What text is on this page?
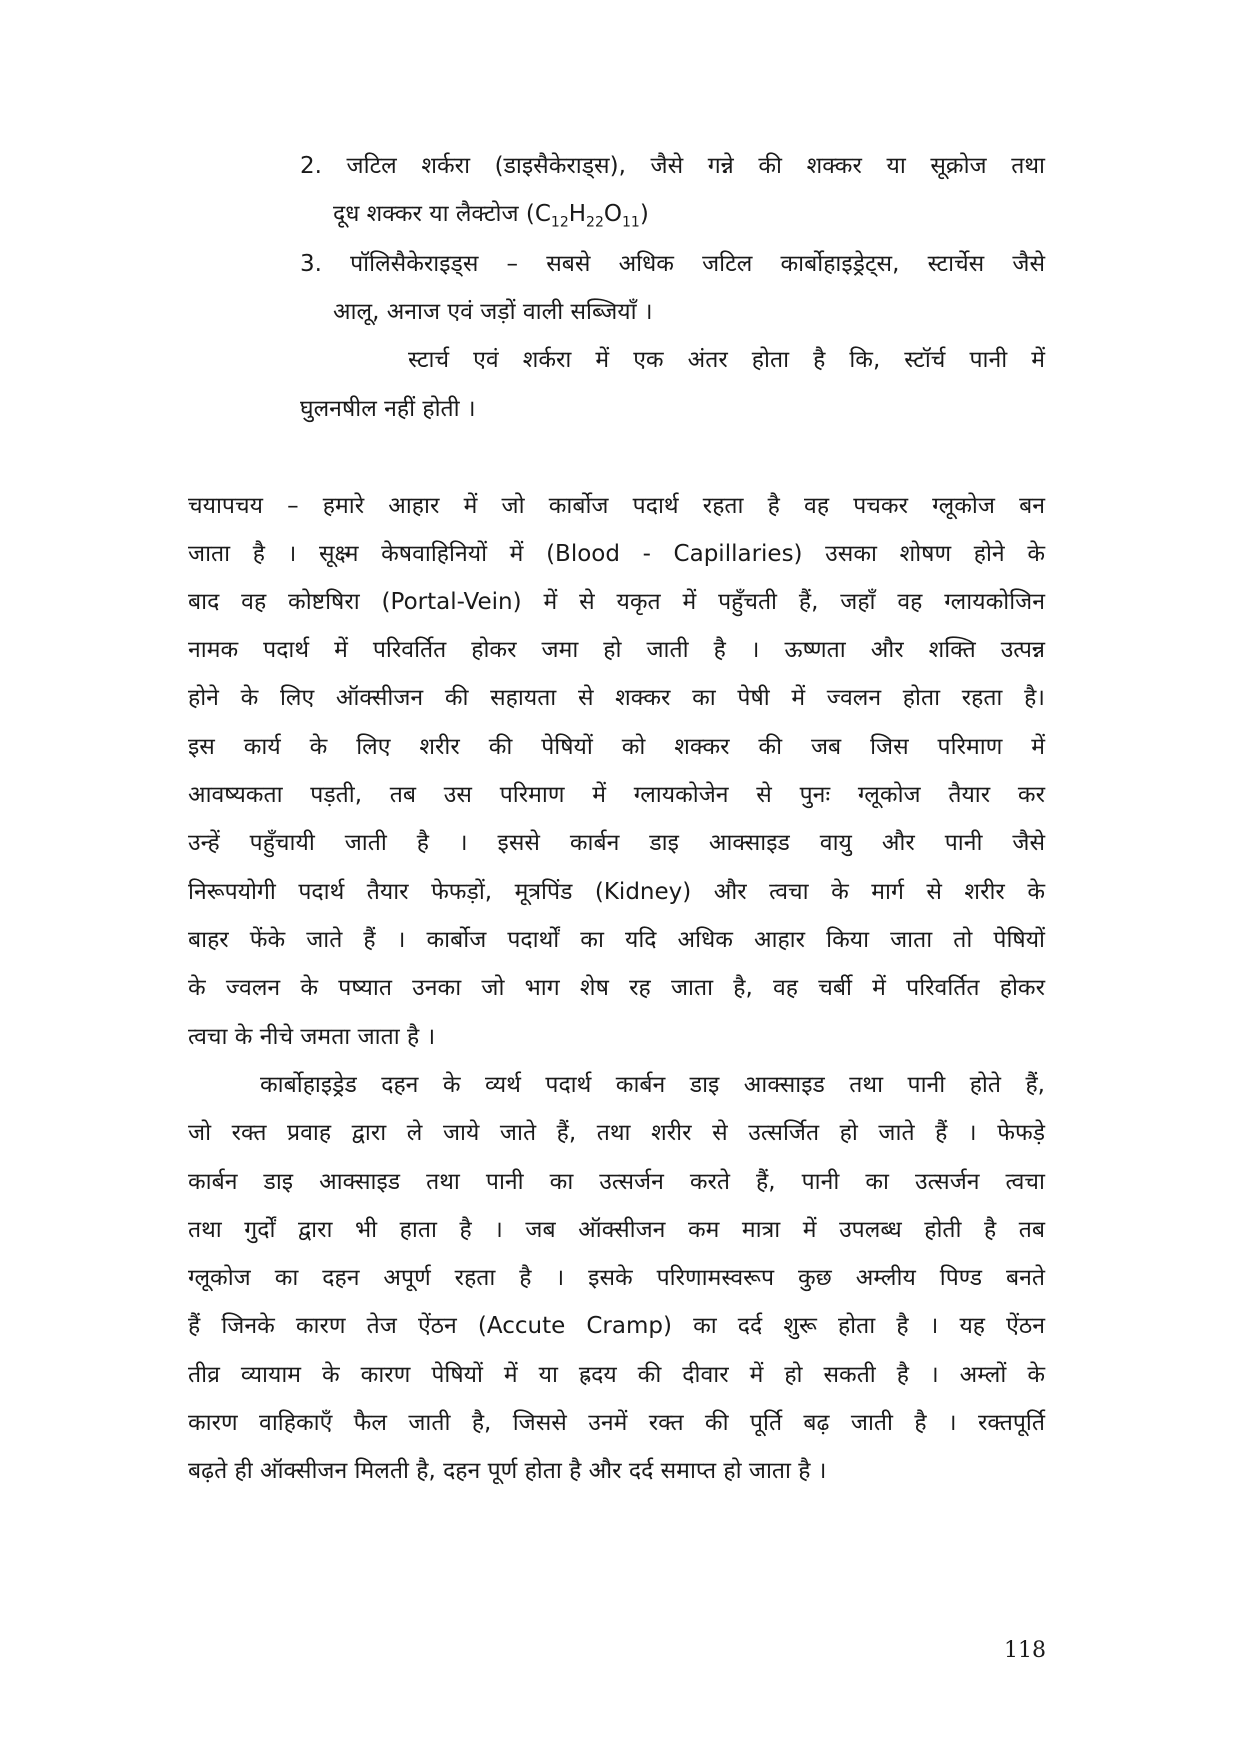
2. जटिल शर्करा (डाइसैकेराड्स), जैसे गन्ने की शक्कर या सूक्रोज तथा
दूध शक्कर या लैक्टोज $(C_{12}H_{22}O_{11})$
3. पॉलिसैकेराइड्स – सबसे अधिक जटिल कार्बोहाइड्रेट्स, स्टार्चेस जैसे
आलू, अनाज एवं जड़ों वाली सब्जियाँ ।
स्टार्च एवं शर्करा में एक अंतर होता है कि, स्टॉर्च पानी में
घुलनषील नहीं होती ।
चयापचय – हमारे आहार में जो कार्बोज पदार्थ रहता है वह पचकर ग्लूकोज बन
जाता है । सूक्ष्म केषवाहिनियों में (Blood - Capillaries) उसका शोषण होने के
बाद वह कोष्टषिरा (Portal-Vein) में से यकृत में पहुँचती हैं, जहाँ वह ग्लायकोजिन
नामक पदार्थ में परिवर्तित होकर जमा हो जाती है । ऊष्णता और शक्ति उत्पन्न
होने के लिए ऑक्सीजन की सहायता से शक्कर का पेषी में ज्वलन होता रहता है।
इस कार्य के लिए शरीर की पेषियों को शक्कर की जब जिस परिमाण में
आवष्यकता पड़ती, तब उस परिमाण में ग्लायकोजेन से पुनः ग्लूकोज तैयार कर
उन्हें पहुँचायी जाती है । इससे कार्बन डाइ आक्साइड वायु और पानी जैसे
निरूपयोगी पदार्थ तैयार फेफड़ों, मूत्रपिंड (Kidney) और त्वचा के मार्ग से शरीर के
बाहर फेंके जाते हैं । कार्बोज पदार्थों का यदि अधिक आहार किया जाता तो पेषियों
के ज्वलन के पष्यात उनका जो भाग शेष रह जाता है, वह चर्बी में परिवर्तित होकर
त्वचा के नीचे जमता जाता है ।
कार्बोहाइड्रेड दहन के व्यर्थ पदार्थ कार्बन डाइ आक्साइड तथा पानी होते हैं,
जो रक्त प्रवाह द्वारा ले जाये जाते हैं, तथा शरीर से उत्सर्जित हो जाते हैं । फेफड़े
कार्बन डाइ आक्साइड तथा पानी का उत्सर्जन करते हैं, पानी का उत्सर्जन त्वचा
तथा गुर्दों द्वारा भी हाता है । जब ऑक्सीजन कम मात्रा में उपलब्ध होती है तब
ग्लूकोज का दहन अपूर्ण रहता है । इसके परिणामस्वरूप कुछ अम्लीय पिण्ड बनते
हैं जिनके कारण तेज ऐंठन (Accute Cramp) का दर्द शुरू होता है । यह ऐंठन
तीव्र व्यायाम के कारण पेषियों में या ह्रदय की दीवार में हो सकती है । अम्लों के
कारण वाहिकाएँ फैल जाती है, जिससे उनमें रक्त की पूर्ति बढ़ जाती है । रक्तपूर्ति
बढ़ते ही ऑक्सीजन मिलती है, दहन पूर्ण होता है और दर्द समाप्त हो जाता है ।
118
